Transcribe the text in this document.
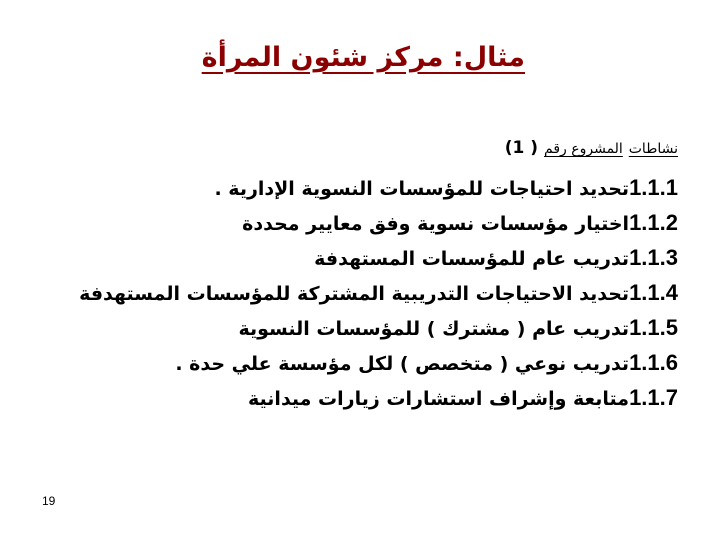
مثال: مركز شئون المرأة
نشاطات المشروع رقم ( 1)
1.1.1تحديد احتياجات للمؤسسات النسوية الإدارية .
1.1.2اختيار مؤسسات نسوية وفق معايير محددة
1.1.3تدريب عام للمؤسسات المستهدفة
1.1.4تحديد الاحتياجات التدريبية المشتركة للمؤسسات المستهدفة
1.1.5تدريب عام ( مشترك ) للمؤسسات النسوية
1.1.6تدريب نوعي ( متخصص ) لكل مؤسسة علي حدة .
1.1.7متابعة وإشراف استشارات زيارات ميدانية
19
